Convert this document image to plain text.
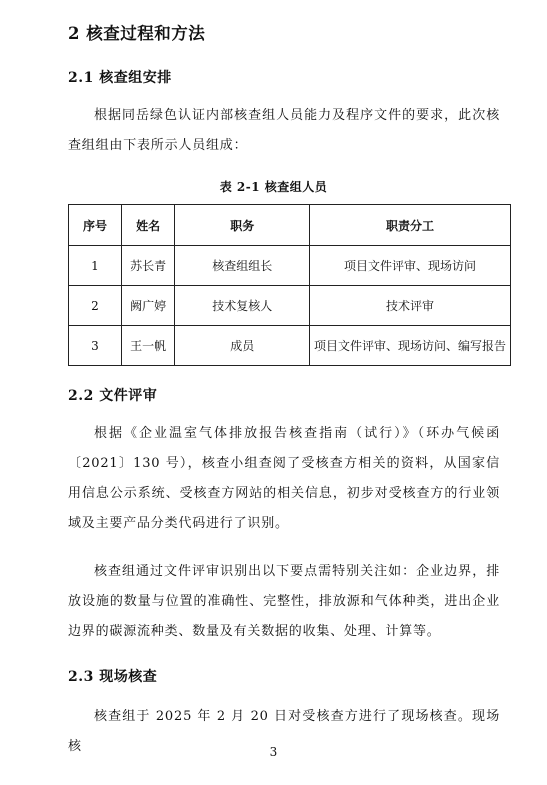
2 核查过程和方法
2.1 核查组安排

根据同岳绿色认证内部核查组人员能力及程序文件的要求，此次核查组组由下表所示人员组成：

表 2-1 核查组人员
序号	姓名	职务	职责分工
1	苏长青	核查组组长	项目文件评审、现场访问
2	阙广婷	技术复核人	技术评审
3	王一帆	成员	项目文件评审、现场访问、编写报告
2.2 文件评审

根据《企业温室气体排放报告核查指南（试行）》（环办气候函〔2021〕130 号），核查小组查阅了受核查方相关的资料，从国家信用信息公示系统、受核查方网站的相关信息，初步对受核查方的行业领域及主要产品分类代码进行了识别。

核查组通过文件评审识别出以下要点需特别关注如：企业边界，排放设施的数量与位置的准确性、完整性，排放源和气体种类，进出企业边界的碳源流种类、数量及有关数据的收集、处理、计算等。

2.3 现场核查

核查组于 2025 年 2 月 20 日对受核查方进行了现场核查。现场核	3
